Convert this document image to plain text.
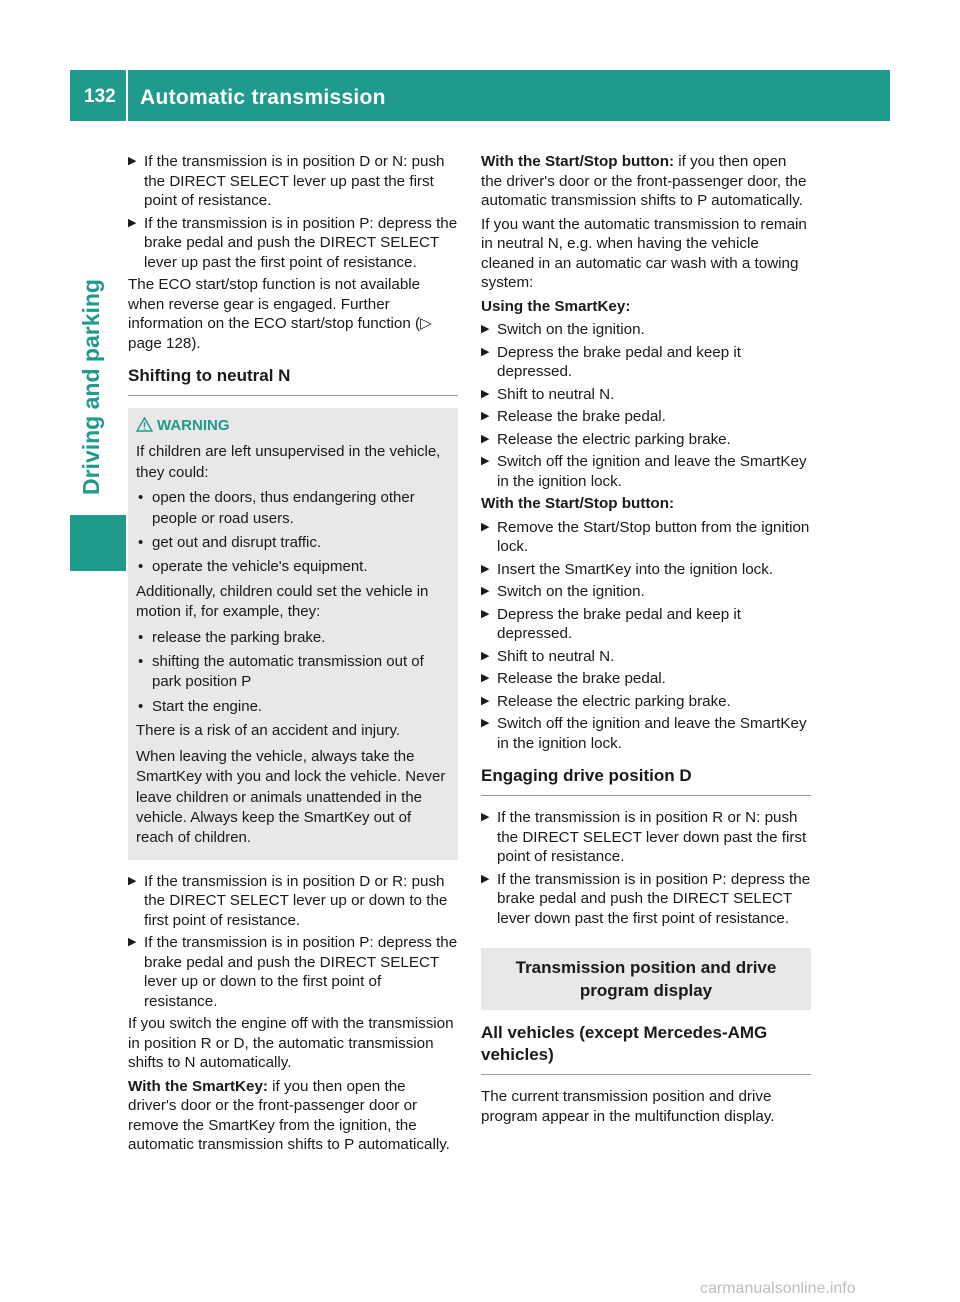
132 Automatic transmission
Driving and parking
▶ If the transmission is in position D or N: push the DIRECT SELECT lever up past the first point of resistance.
▶ If the transmission is in position P: depress the brake pedal and push the DIRECT SELECT lever up past the first point of resistance.

The ECO start/stop function is not available when reverse gear is engaged. Further information on the ECO start/stop function (▷ page 128).

Shifting to neutral N
WARNING

If children are left unsupervised in the vehicle, they could:

• open the doors, thus endangering other people or road users.
• get out and disrupt traffic.
• operate the vehicle's equipment.

Additionally, children could set the vehicle in motion if, for example, they:

• release the parking brake.
• shifting the automatic transmission out of park position P
• Start the engine.

There is a risk of an accident and injury.

When leaving the vehicle, always take the SmartKey with you and lock the vehicle. Never leave children or animals unattended in the vehicle. Always keep the SmartKey out of reach of children.

▶ If the transmission is in position D or R: push the DIRECT SELECT lever up or down to the first point of resistance.
▶ If the transmission is in position P: depress the brake pedal and push the DIRECT SELECT lever up or down to the first point of resistance.

If you switch the engine off with the transmission in position R or D, the automatic transmission shifts to N automatically.

With the SmartKey: if you then open the driver's door or the front-passenger door or remove the SmartKey from the ignition, the automatic transmission shifts to P automatically.

With the Start/Stop button: if you then open the driver's door or the front-passenger door, the automatic transmission shifts to P automatically.

If you want the automatic transmission to remain in neutral N, e.g. when having the vehicle cleaned in an automatic car wash with a towing system:

Using the SmartKey:

▶ Switch on the ignition.
▶ Depress the brake pedal and keep it depressed.
▶ Shift to neutral N.
▶ Release the brake pedal.
▶ Release the electric parking brake.
▶ Switch off the ignition and leave the SmartKey in the ignition lock.

With the Start/Stop button:

▶ Remove the Start/Stop button from the ignition lock.
▶ Insert the SmartKey into the ignition lock.
▶ Switch on the ignition.
▶ Depress the brake pedal and keep it depressed.
▶ Shift to neutral N.
▶ Release the brake pedal.
▶ Release the electric parking brake.
▶ Switch off the ignition and leave the SmartKey in the ignition lock.
Engaging drive position D
▶ If the transmission is in position R or N: push the DIRECT SELECT lever down past the first point of resistance.
▶ If the transmission is in position P: depress the brake pedal and push the DIRECT SELECT lever down past the first point of resistance.
Transmission position and drive program display
All vehicles (except Mercedes-AMG vehicles)

The current transmission position and drive program appear in the multifunction display.

carmanualsonline.info
